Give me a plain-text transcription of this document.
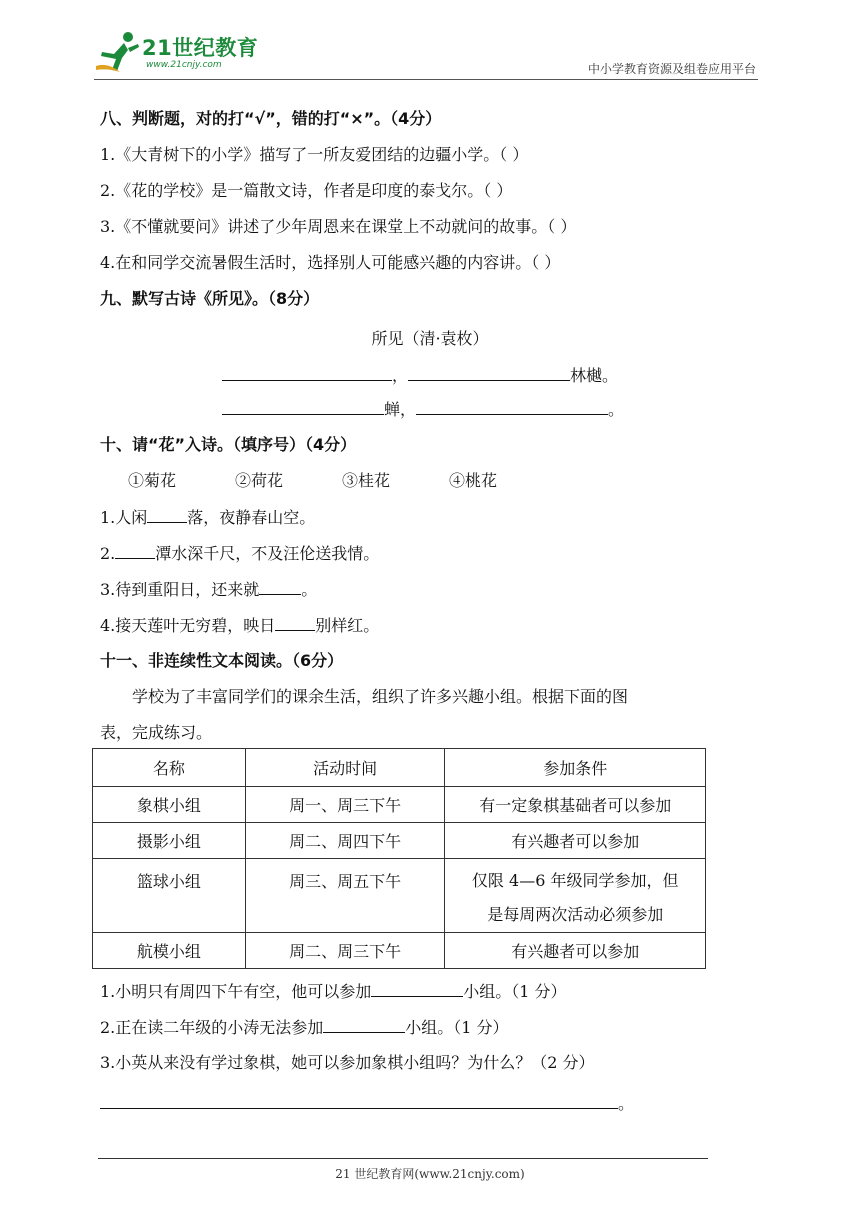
21世纪教育
www.21cnjy.com	中小学教育资源及组卷应用平台
八、判断题，对的打“√”，错的打“×”。（4分）
1.《大青树下的小学》描写了一所友爱团结的边疆小学。（ ）
2.《花的学校》是一篇散文诗，作者是印度的泰戈尔。（ ）
3.《不懂就要问》讲述了少年周恩来在课堂上不动就问的故事。（ ）
4.在和同学交流暑假生活时，选择别人可能感兴趣的内容讲。（ ）
九、默写古诗《所见》。（8分）
所见（清·袁枚）
，	林樾。
蝉，	。
十、请“花”入诗。（填序号）（4分）
①菊花	②荷花	③桂花	④桃花
1.人闲	落，夜静春山空。
2.	潭水深千尺，不及汪伦送我情。
3.待到重阳日，还来就	。
4.接天莲叶无穷碧，映日	别样红。
十一、非连续性文本阅读。（6分）
学校为了丰富同学们的课余生活，组织了许多兴趣小组。根据下面的图
表，完成练习。
名称	活动时间	参加条件
象棋小组	周一、周三下午	有一定象棋基础者可以参加
摄影小组	周二、周四下午	有兴趣者可以参加
篮球小组	周三、周五下午	仅限 4—6 年级同学参加，但
是每周两次活动必须参加

航模小组	周二、周三下午	有兴趣者可以参加
1.小明只有周四下午有空，他可以参加	小组。（1 分）
2.正在读二年级的小涛无法参加	小组。（1 分）
3.小英从来没有学过象棋，她可以参加象棋小组吗？为什么？（2 分）
。
21 世纪教育网(www.21cnjy.com)
